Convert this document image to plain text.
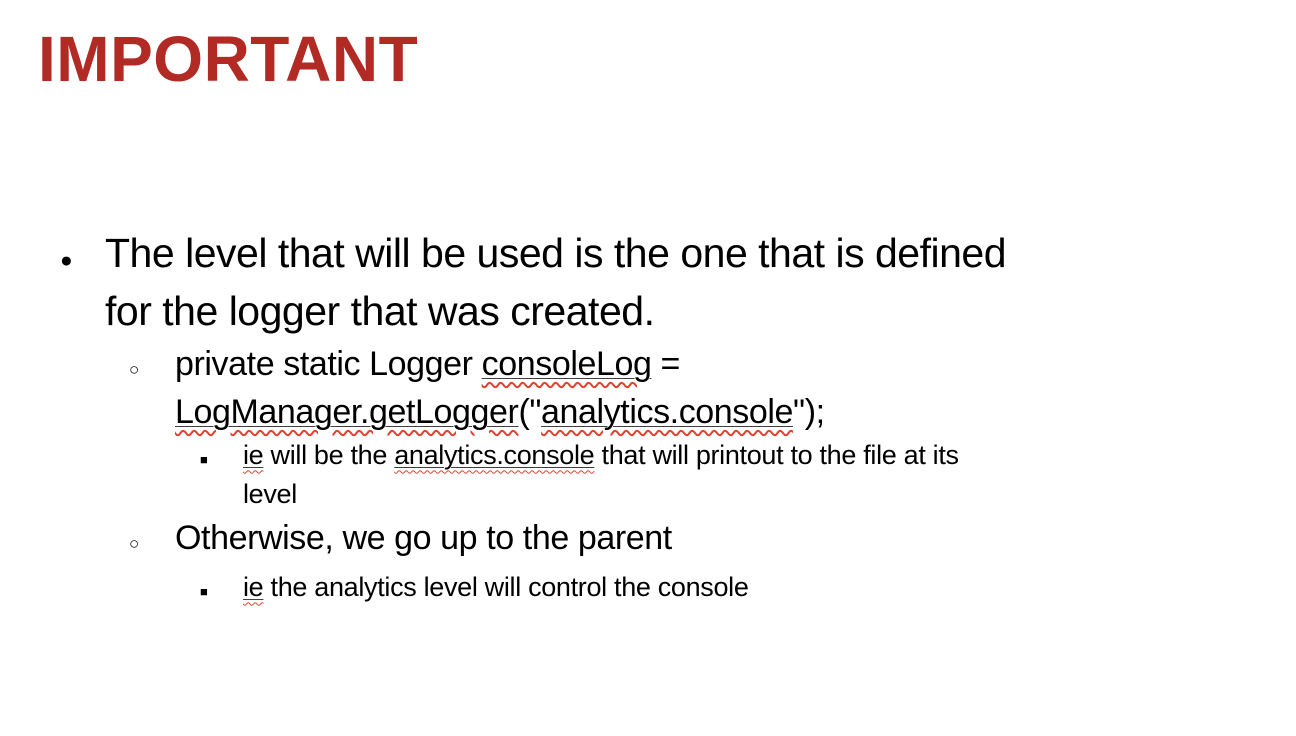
IMPORTANT
● The level that will be used is the one that is defined
for the logger that was created.
○	private static Logger consoleLog =
LogManager.getLogger("analytics.console");
■	ie will be the analytics.console that will printout to the file at its
level
○	Otherwise, we go up to the parent
■	ie the analytics level will control the console
